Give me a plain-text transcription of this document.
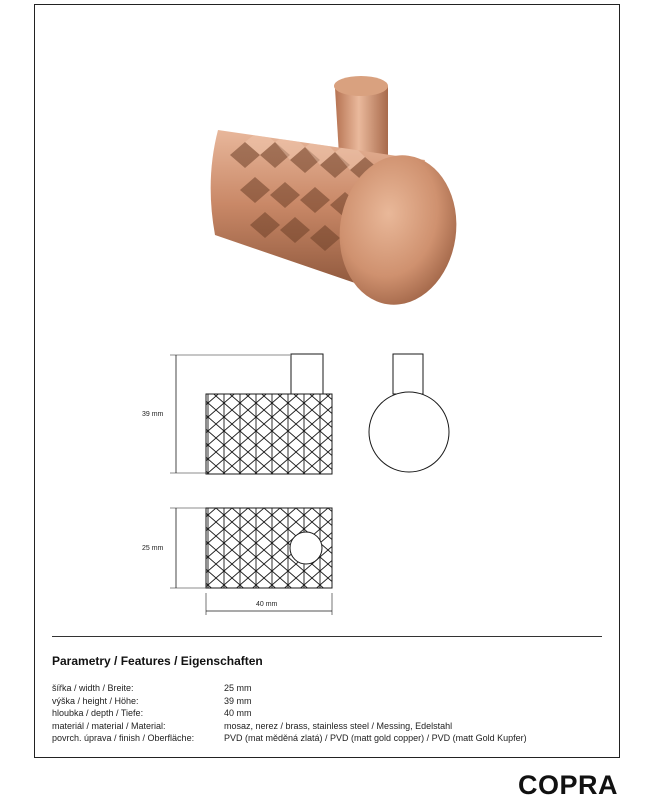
39 mm
25 mm
40 mm
Parametry / Features / Eigenschaften
šířka / width / Breite:	25 mm
výška / height / Höhe:	39 mm
hloubka / depth / Tiefe:	40 mm
materiál / material / Material:	mosaz, nerez / brass, stainless steel / Messing, Edelstahl
povrch. úprava / finish / Oberfläche:	PVD (mat měděná zlatá) / PVD (matt gold copper) / PVD (matt Gold Kupfer)
COPRA
